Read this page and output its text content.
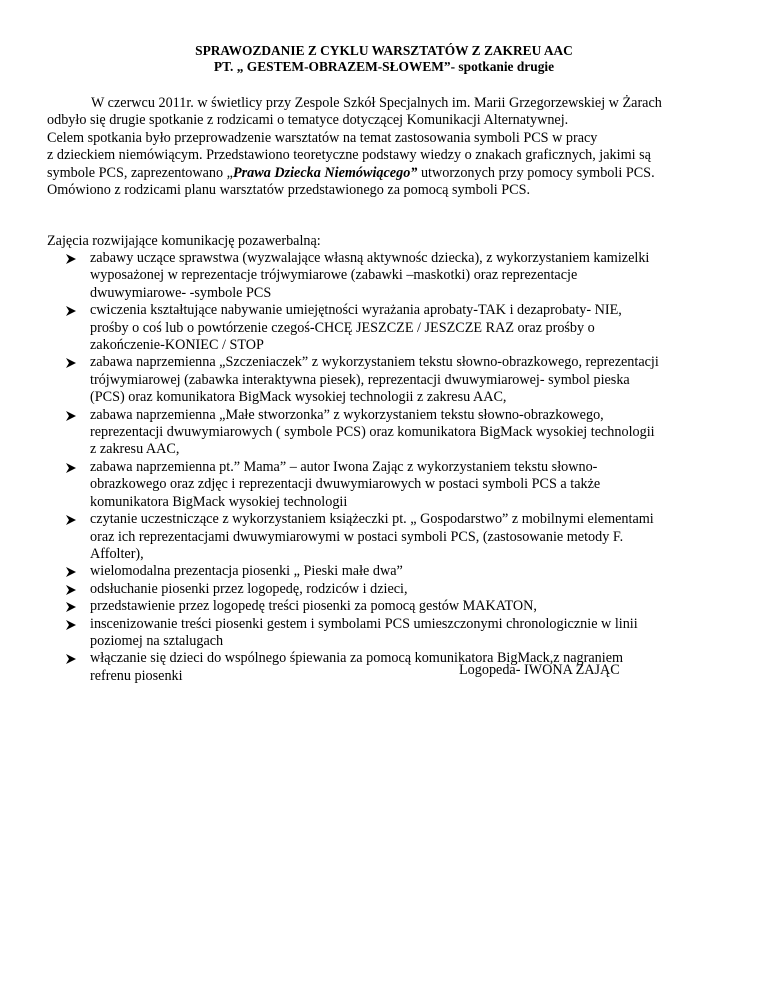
SPRAWOZDANIE Z CYKLU WARSZTATÓW Z ZAKREU AAC
PT. „ GESTEM-OBRAZEM-SŁOWEM”- spotkanie drugie
W czerwcu 2011r. w świetlicy przy Zespole Szkół Specjalnych im. Marii Grzegorzewskiej w Żarach
odbyło się drugie spotkanie z rodzicami o tematyce dotyczącej Komunikacji Alternatywnej.
Celem spotkania było przeprowadzenie warsztatów na temat zastosowania symboli PCS w pracy
z dzieckiem niemówiącym. Przedstawiono teoretyczne podstawy wiedzy o znakach graficznych, jakimi są
symbole PCS, zaprezentowano „Prawa Dziecka Niemówiącego” utworzonych przy pomocy symboli PCS.
Omówiono z rodzicami planu warsztatów przedstawionego za pomocą symboli PCS.
Zajęcia rozwijające komunikację pozawerbalną:
zabawy uczące sprawstwa (wyzwalające własną aktywnośc dziecka), z wykorzystaniem kamizelki
wyposażonej w reprezentacje trójwymiarowe (zabawki –maskotki) oraz reprezentacje
dwuwymiarowe- -symbole PCS
cwiczenia kształtujące nabywanie umiejętności wyrażania aprobaty-TAK i dezaprobaty- NIE,
prośby o coś lub o powtórzenie czegoś-CHCĘ JESZCZE / JESZCZE RAZ oraz prośby o
zakończenie-KONIEC / STOP
zabawa naprzemienna „Szczeniaczek” z wykorzystaniem tekstu słowno-obrazkowego, reprezentacji
trójwymiarowej (zabawka interaktywna piesek), reprezentacji dwuwymiarowej- symbol pieska
(PCS) oraz komunikatora BigMack wysokiej technologii z zakresu AAC,
zabawa naprzemienna „Małe stworzonka” z wykorzystaniem tekstu słowno-obrazkowego,
reprezentacji dwuwymiarowych ( symbole PCS) oraz komunikatora BigMack wysokiej technologii
z zakresu AAC,
zabawa naprzemienna pt.” Mama” – autor Iwona Zając z wykorzystaniem tekstu słowno-
obrazkowego oraz zdjęc i reprezentacji dwuwymiarowych w postaci symboli PCS a także
komunikatora BigMack wysokiej technologii
czytanie uczestniczące z wykorzystaniem książeczki pt. „ Gospodarstwo” z mobilnymi elementami
oraz ich reprezentacjami dwuwymiarowymi w postaci symboli PCS, (zastosowanie metody F.
Affolter),
wielomodalna prezentacja piosenki „ Pieski małe dwa”
odsłuchanie piosenki przez logopedę, rodziców i dzieci,
przedstawienie przez logopedę treści piosenki za pomocą gestów MAKATON,
inscenizowanie treści piosenki gestem i symbolami PCS umieszczonymi chronologicznie w linii
poziomej na sztalugach
włączanie się dzieci do wspólnego śpiewania za pomocą komunikatora BigMack,z nagraniem
refrenu piosenki	Logopeda- IWONA ZAJĄC
